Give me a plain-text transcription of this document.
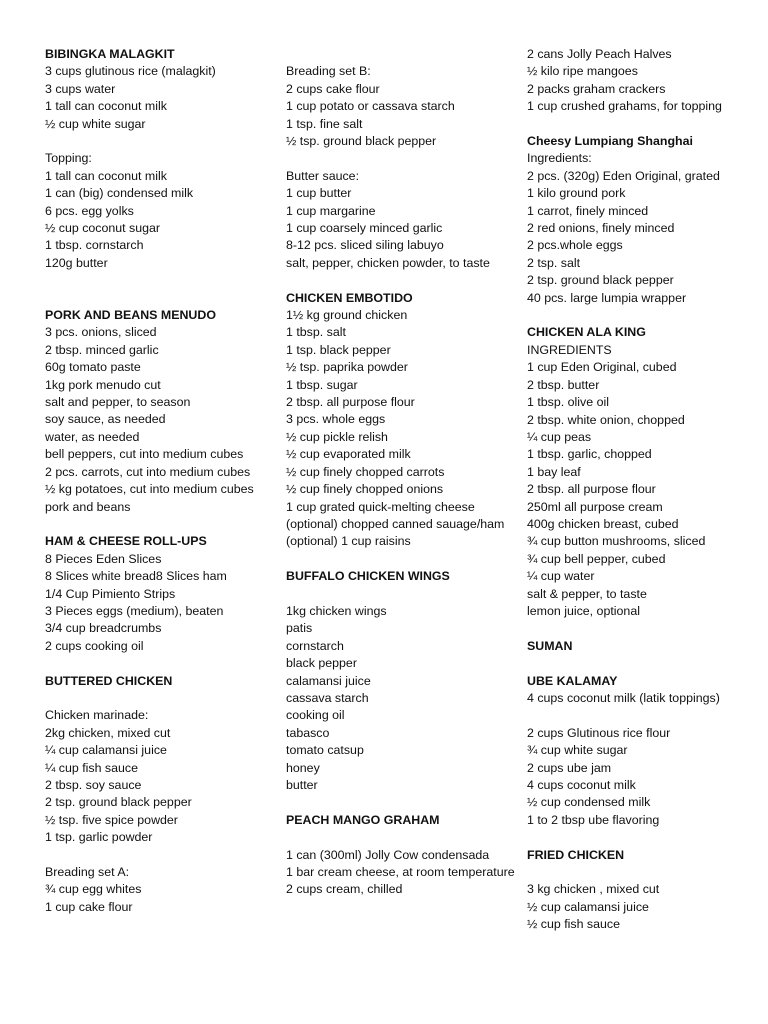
BIBINGKA MALAGKIT
3 cups glutinous rice (malagkit)
3 cups water
1 tall can coconut milk
½ cup white sugar
Topping:
1 tall can coconut milk
1 can (big) condensed milk
6 pcs. egg yolks
½ cup coconut sugar
1 tbsp. cornstarch
120g butter
PORK AND BEANS MENUDO
3 pcs. onions, sliced
2 tbsp. minced garlic
60g tomato paste
1kg pork menudo cut
salt and pepper, to season
soy sauce, as needed
water, as needed
bell peppers, cut into medium cubes
2 pcs. carrots, cut into medium cubes
½ kg potatoes, cut into medium cubes
pork and beans
HAM & CHEESE ROLL-UPS
8 Pieces Eden Slices
8 Slices white bread8 Slices ham
1/4 Cup Pimiento Strips
3 Pieces eggs (medium), beaten
3/4 cup breadcrumbs
2 cups cooking oil
BUTTERED CHICKEN
Chicken marinade:
2kg chicken, mixed cut
¼ cup calamansi juice
¼ cup fish sauce
2 tbsp. soy sauce
2 tsp. ground black pepper
½ tsp. five spice powder
1 tsp. garlic powder
Breading set A:
¾ cup egg whites
1 cup cake flour
Breading set B:
2 cups cake flour
1 cup potato or cassava starch
1 tsp. fine salt
½ tsp. ground black pepper
Butter sauce:
1 cup butter
1 cup margarine
1 cup coarsely minced garlic
8-12 pcs. sliced siling labuyo
salt, pepper, chicken powder, to taste
CHICKEN EMBOTIDO
1½ kg ground chicken
1 tbsp. salt
1 tsp. black pepper
½ tsp. paprika powder
1 tbsp. sugar
2 tbsp. all purpose flour
3 pcs. whole eggs
½ cup pickle relish
½ cup evaporated milk
½ cup finely chopped carrots
½ cup finely chopped onions
1 cup grated quick-melting cheese
(optional) chopped canned sauage/ham
(optional) 1 cup raisins
BUFFALO CHICKEN WINGS
1kg chicken wings
patis
cornstarch
black pepper
calamansi juice
cassava starch
cooking oil
tabasco
tomato catsup
honey
butter
PEACH MANGO GRAHAM
1 can (300ml) Jolly Cow condensada
1 bar cream cheese, at room temperature
2 cups cream, chilled
2 cans Jolly Peach Halves
½ kilo ripe mangoes
2 packs graham crackers
1 cup crushed grahams, for topping
Cheesy Lumpiang Shanghai
Ingredients:
2 pcs. (320g) Eden Original, grated
1 kilo ground pork
1 carrot, finely minced
2 red onions, finely minced
2 pcs.whole eggs
2 tsp. salt
2 tsp. ground black pepper
40 pcs. large lumpia wrapper
CHICKEN ALA KING
INGREDIENTS
1 cup Eden Original, cubed
2 tbsp. butter
1 tbsp. olive oil
2 tbsp. white onion, chopped
¼ cup peas
1 tbsp. garlic, chopped
1 bay leaf
2 tbsp. all purpose flour
250ml all purpose cream
400g chicken breast, cubed
¾ cup button mushrooms, sliced
¾ cup bell pepper, cubed
¼ cup water
salt & pepper, to taste
lemon juice, optional
SUMAN
UBE KALAMAY
4 cups coconut milk (latik toppings)
2 cups Glutinous rice flour
¾ cup white sugar
2 cups ube jam
4 cups coconut milk
½ cup condensed milk
1 to 2 tbsp ube flavoring
FRIED CHICKEN
3 kg chicken , mixed cut
½ cup calamansi juice
½ cup fish sauce
